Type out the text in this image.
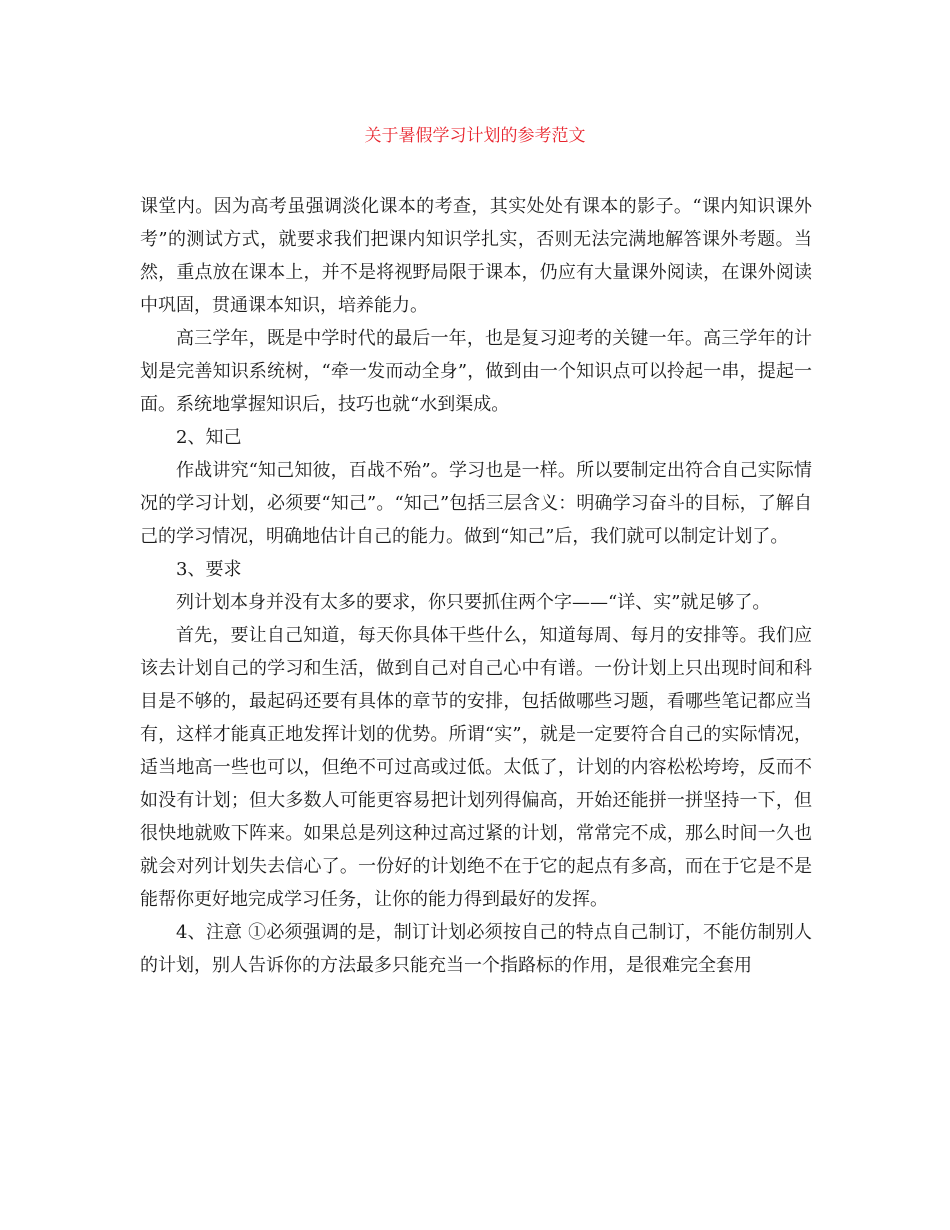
关于暑假学习计划的参考范文

课堂内。因为高考虽强调淡化课本的考查，其实处处有课本的影子。“课内知识课外考”的测试方式，就要求我们把课内知识学扎实，否则无法完满地解答课外考题。当然，重点放在课本上，并不是将视野局限于课本，仍应有大量课外阅读，在课外阅读中巩固，贯通课本知识，培养能力。

高三学年，既是中学时代的最后一年，也是复习迎考的关键一年。高三学年的计划是完善知识系统树，“牵一发而动全身”，做到由一个知识点可以拎起一串，提起一面。系统地掌握知识后，技巧也就“水到渠成。

2、知己

作战讲究“知己知彼，百战不殆”。学习也是一样。所以要制定出符合自己实际情况的学习计划，必须要“知己”。“知己”包括三层含义：明确学习奋斗的目标，了解自己的学习情况，明确地估计自己的能力。做到“知己”后，我们就可以制定计划了。

3、要求

列计划本身并没有太多的要求，你只要抓住两个字——“详、实”就足够了。

首先，要让自己知道，每天你具体干些什么，知道每周、每月的安排等。我们应该去计划自己的学习和生活，做到自己对自己心中有谱。一份计划上只出现时间和科目是不够的，最起码还要有具体的章节的安排，包括做哪些习题，看哪些笔记都应当有，这样才能真正地发挥计划的优势。所谓“实”，就是一定要符合自己的实际情况，适当地高一些也可以，但绝不可过高或过低。太低了，计划的内容松松垮垮，反而不如没有计划；但大多数人可能更容易把计划列得偏高，开始还能拼一拼坚持一下，但很快地就败下阵来。如果总是列这种过高过紧的计划，常常完不成，那么时间一久也就会对列计划失去信心了。一份好的计划绝不在于它的起点有多高，而在于它是不是能帮你更好地完成学习任务，让你的能力得到最好的发挥。

4、注意 ①必须强调的是，制订计划必须按自己的特点自己制订，不能仿制别人的计划，别人告诉你的方法最多只能充当一个指路标的作用，是很难完全套用
